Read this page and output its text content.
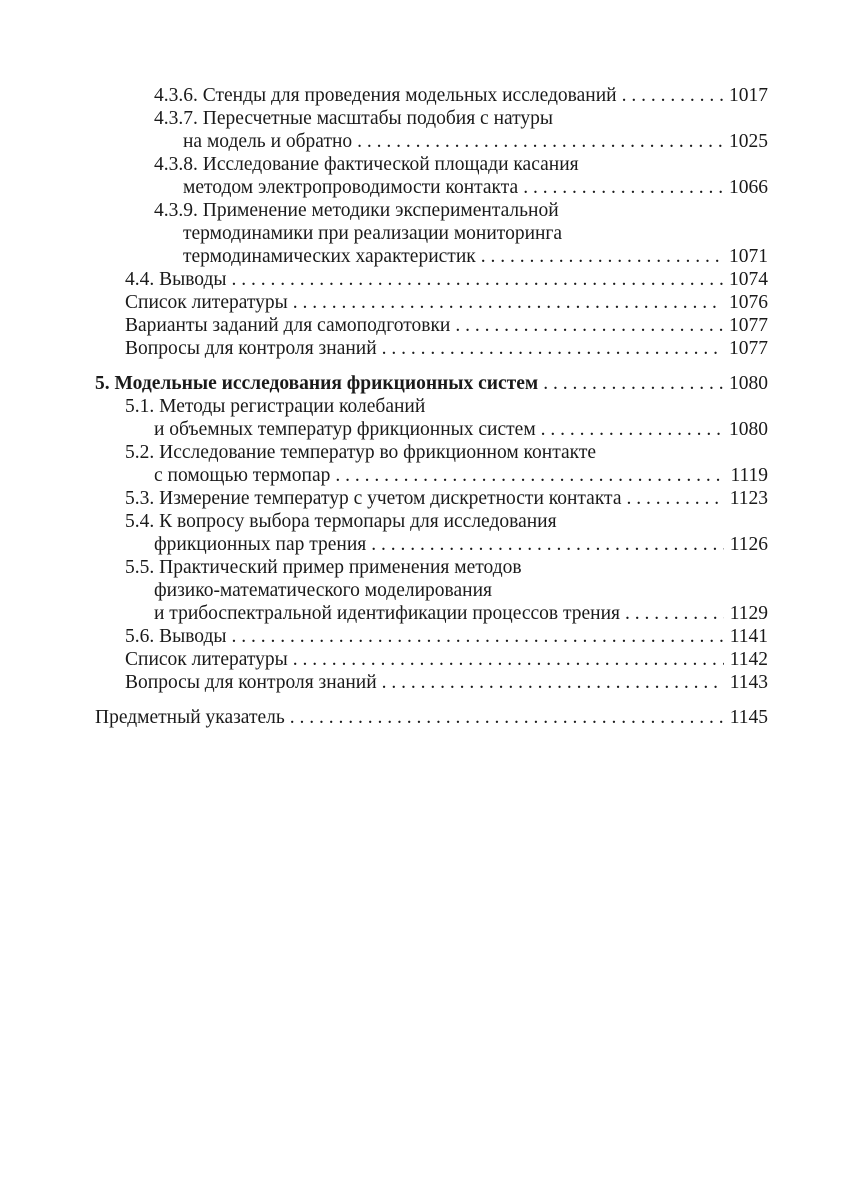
4.3.6. Стенды для проведения модельных исследований . . .	1017
4.3.7. Пересчетные масштабы подобия с натуры
на модель и обратно . . .	1025
4.3.8. Исследование фактической площади касания
методом электропроводимости контакта . . .	1066
4.3.9. Применение методики экспериментальной
термодинамики при реализации мониторинга
термодинамических характеристик . . .	1071
4.4. Выводы . . .	1074
Список литературы . . .	1076
Варианты заданий для самоподготовки . . .	1077
Вопросы для контроля знаний . . .	1077
5. Модельные исследования фрикционных систем . . .	1080
5.1. Методы регистрации колебаний
и объемных температур фрикционных систем . . .	1080
5.2. Исследование температур во фрикционном контакте
с помощью термопар . . .	1119
5.3. Измерение температур с учетом дискретности контакта . . .	1123
5.4. К вопросу выбора термопары для исследования
фрикционных пар трения . . .	1126
5.5. Практический пример применения методов
физико-математического моделирования
и трибоспектральной идентификации процессов трения . . .	1129
5.6. Выводы . . .	1141
Список литературы . . .	1142
Вопросы для контроля знаний . . .	1143
Предметный указатель . . .	1145
